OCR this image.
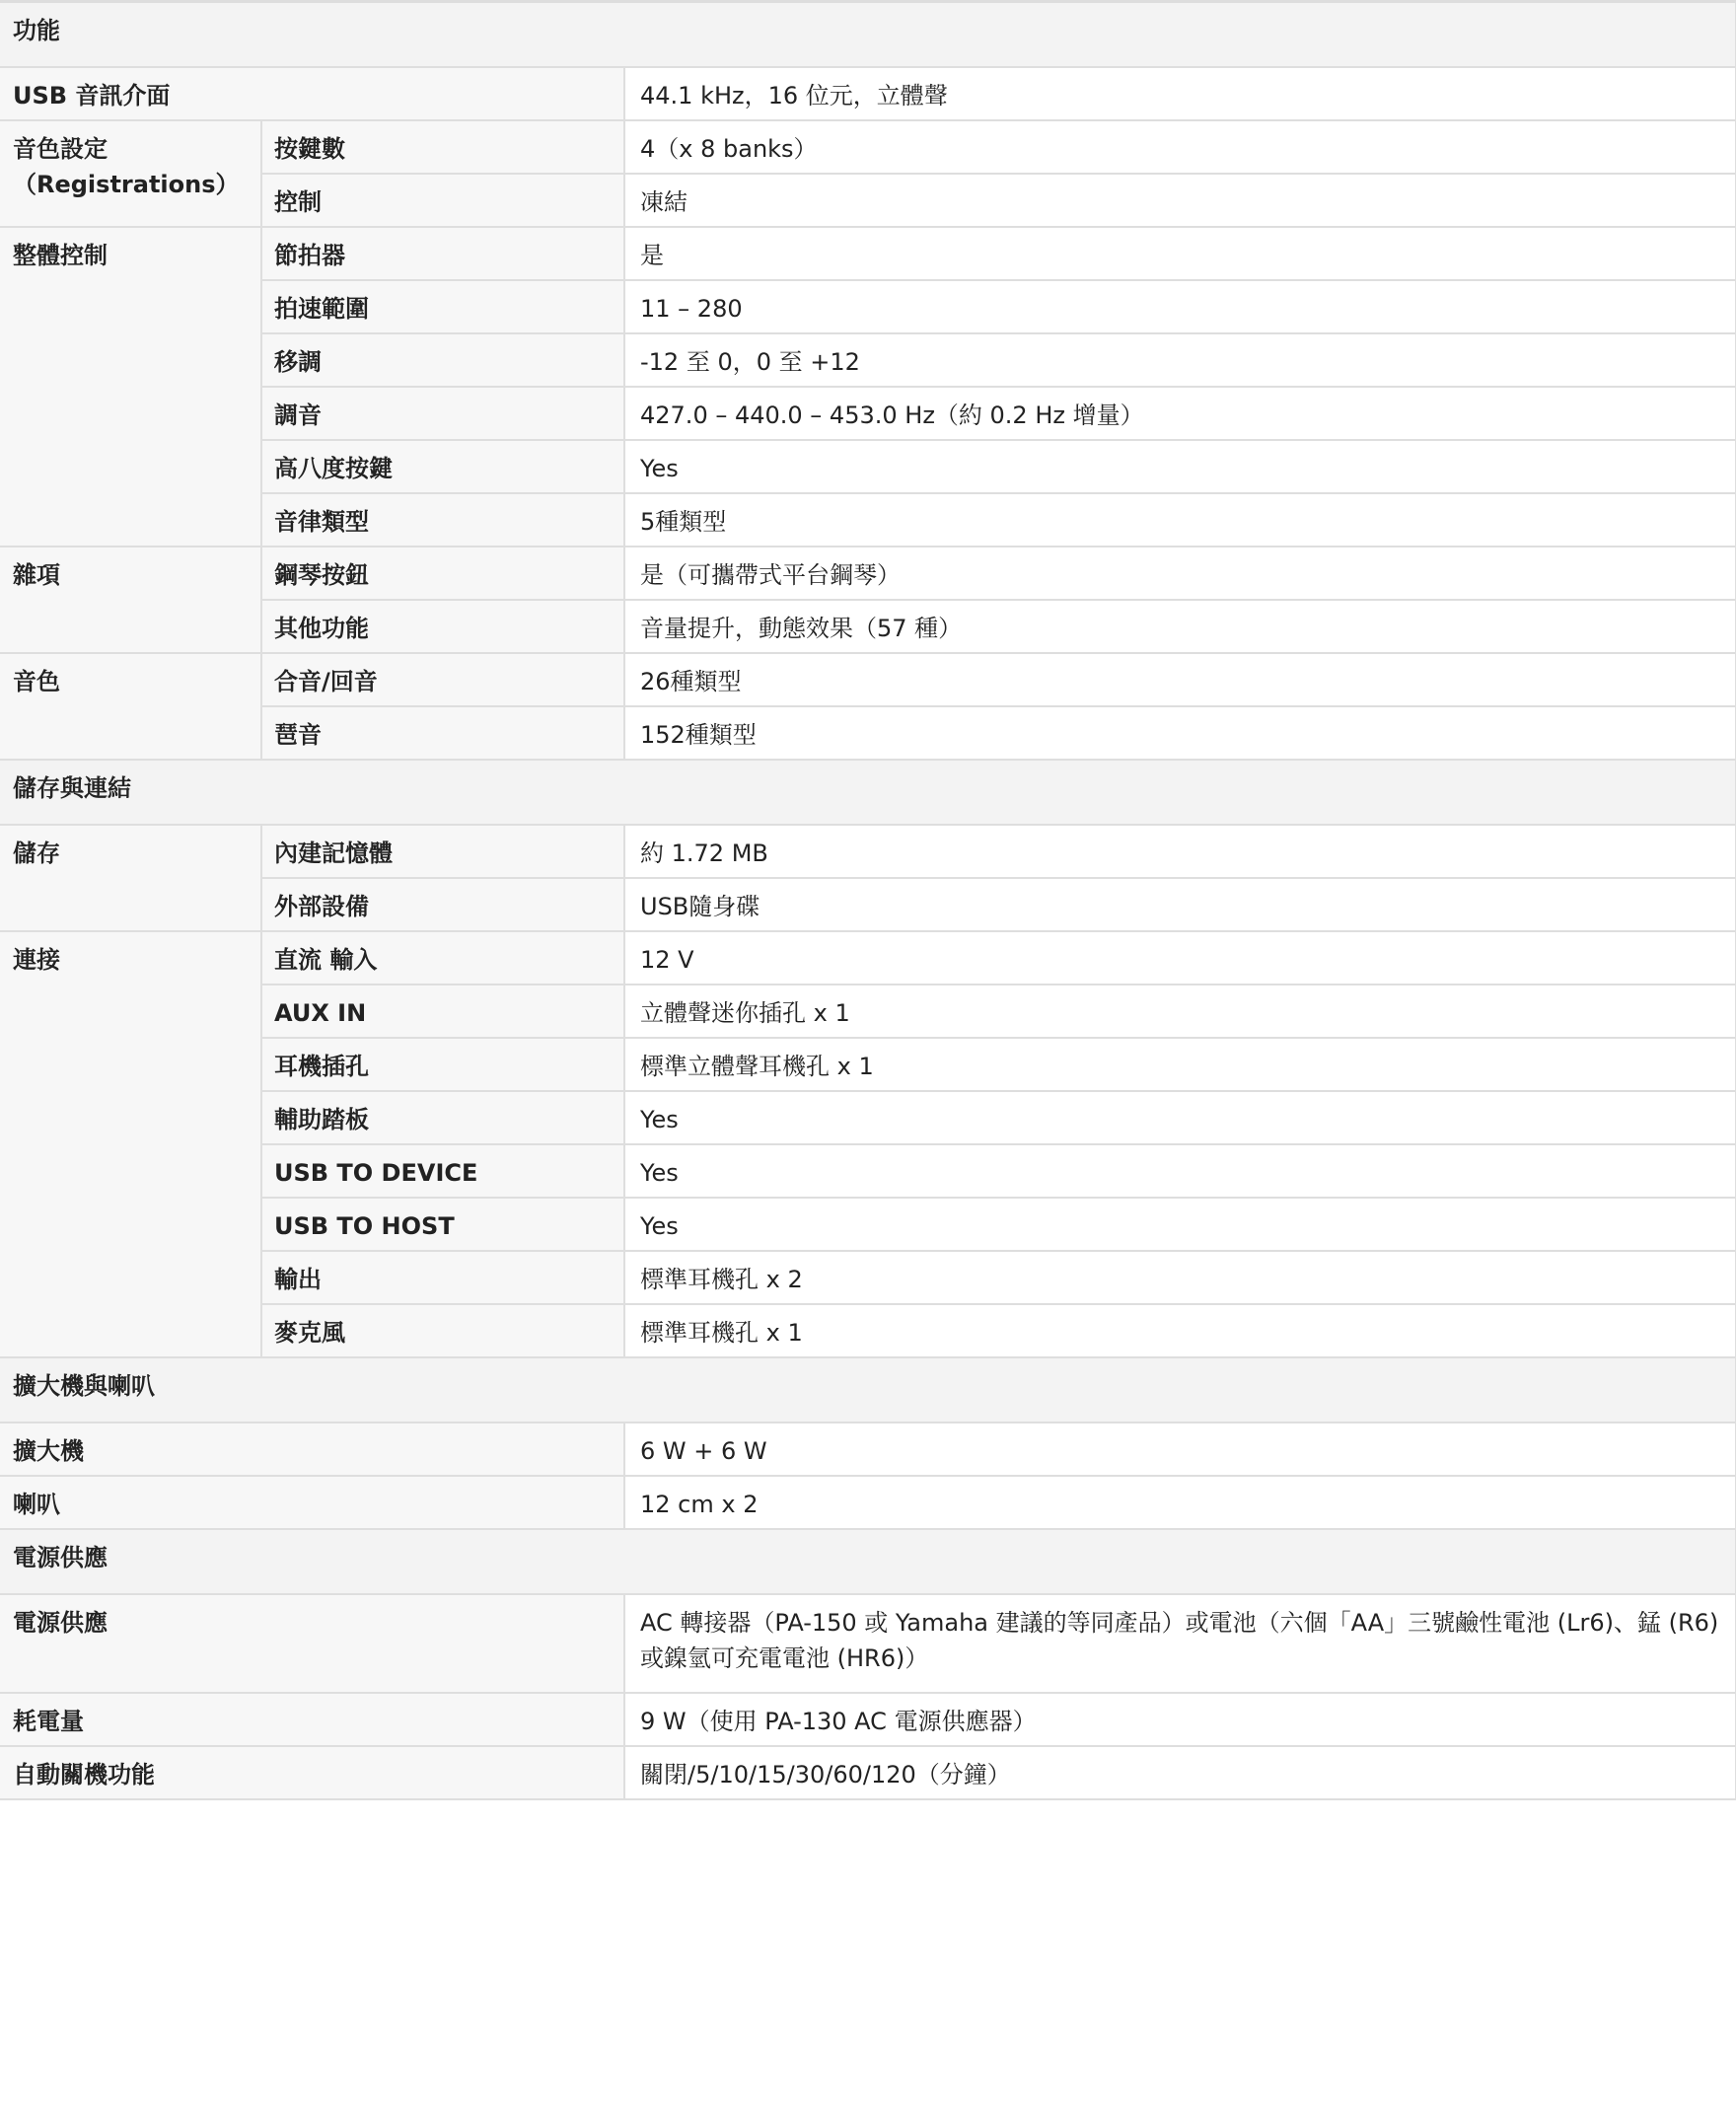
功能		
USB 音訊介面		44.1 kHz，16 位元，立體聲
音色設定（Registrations）	按鍵數	4（x 8 banks）
	控制	凍結
整體控制	節拍器	是
	拍速範圍	11 – 280
	移調	-12 至 0，0 至 +12
	調音	427.0 – 440.0 – 453.0 Hz（約 0.2 Hz 增量）
	高八度按鍵	Yes
	音律類型	5種類型
雜項	鋼琴按鈕	是（可攜帶式平台鋼琴）
	其他功能	音量提升，動態效果（57 種）
音色	合音/回音	26種類型
	琶音	152種類型
儲存與連結		
儲存	內建記憶體	約 1.72 MB
	外部設備	USB隨身碟
連接	直流 輸入	12 V
	AUX IN	立體聲迷你插孔 x 1
	耳機插孔	標準立體聲耳機孔 x 1
	輔助踏板	Yes
	USB TO DEVICE	Yes
	USB TO HOST	Yes
	輸出	標準耳機孔 x 2
	麥克風	標準耳機孔 x 1
擴大機與喇叭		
擴大機		6 W + 6 W
喇叭		12 cm x 2
電源供應		
電源供應		AC 轉接器（PA-150 或 Yamaha 建議的等同產品）或電池（六個「AA」三號鹼性電池 (Lr6)、錳 (R6) 或鎳氫可充電電池 (HR6)）
耗電量		9 W（使用 PA-130 AC 電源供應器）
自動關機功能		關閉/5/10/15/30/60/120（分鐘）
